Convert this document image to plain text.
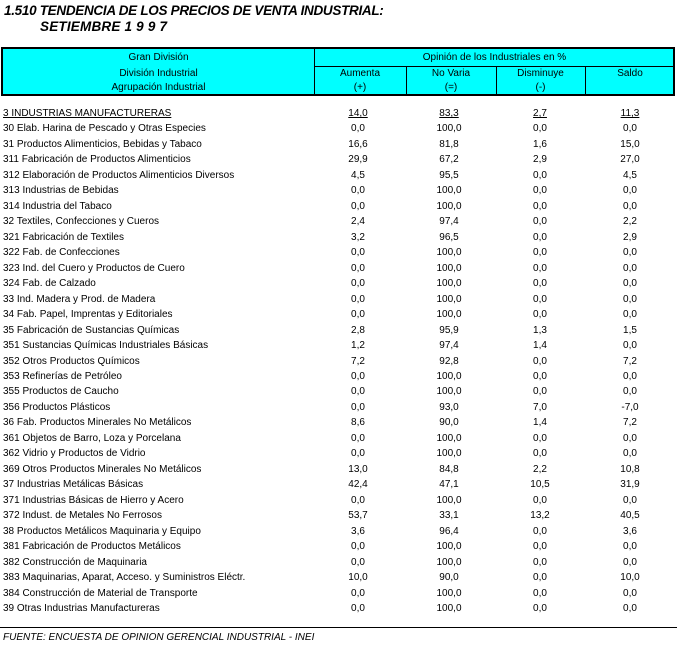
1.510 TENDENCIA DE LOS PRECIOS DE VENTA INDUSTRIAL:
SETIEMBRE 1 9 9 7
Gran División
División Industrial
Agrupación Industrial
Opinión de los Industriales en %
Aumenta
(+)
No Varia
(=)
Disminuye
(-)
Saldo
3 INDUSTRIAS MANUFACTURERAS	14,0	83,3	2,7	11,3
30 Elab. Harina de Pescado y Otras Especies	0,0	100,0	0,0	0,0
31 Productos Alimenticios, Bebidas y Tabaco	16,6	81,8	1,6	15,0
311 Fabricación de Productos Alimenticios	29,9	67,2	2,9	27,0
312 Elaboración de Productos Alimenticios Diversos	4,5	95,5	0,0	4,5
313 Industrias de Bebidas	0,0	100,0	0,0	0,0
314 Industria del Tabaco	0,0	100,0	0,0	0,0
32 Textiles, Confecciones y Cueros	2,4	97,4	0,0	2,2
321 Fabricación de Textiles	3,2	96,5	0,0	2,9
322 Fab. de Confecciones	0,0	100,0	0,0	0,0
323 Ind. del Cuero y Productos de Cuero	0,0	100,0	0,0	0,0
324 Fab. de Calzado	0,0	100,0	0,0	0,0
33 Ind. Madera y Prod. de Madera	0,0	100,0	0,0	0,0
34 Fab. Papel, Imprentas y Editoriales	0,0	100,0	0,0	0,0
35 Fabricación de Sustancias Químicas	2,8	95,9	1,3	1,5
351 Sustancias Químicas Industriales Básicas	1,2	97,4	1,4	0,0
352 Otros Productos Químicos	7,2	92,8	0,0	7,2
353 Refinerías de Petróleo	0,0	100,0	0,0	0,0
355 Productos de Caucho	0,0	100,0	0,0	0,0
356 Productos Plásticos	0,0	93,0	7,0	-7,0
36 Fab. Productos Minerales No Metálicos	8,6	90,0	1,4	7,2
361 Objetos de Barro, Loza y Porcelana	0,0	100,0	0,0	0,0
362 Vidrio y Productos de Vidrio	0,0	100,0	0,0	0,0
369 Otros Productos Minerales No Metálicos	13,0	84,8	2,2	10,8
37 Industrias Metálicas Básicas	42,4	47,1	10,5	31,9
371 Industrias Básicas de Hierro y Acero	0,0	100,0	0,0	0,0
372 Indust. de Metales No Ferrosos	53,7	33,1	13,2	40,5
38 Productos Metálicos Maquinaria y Equipo	3,6	96,4	0,0	3,6
381 Fabricación de Productos Metálicos	0,0	100,0	0,0	0,0
382 Construcción de Maquinaria	0,0	100,0	0,0	0,0
383 Maquinarias, Aparat, Acceso. y Suministros Eléctr.	10,0	90,0	0,0	10,0
384 Construcción de Material de Transporte	0,0	100,0	0,0	0,0
39 Otras Industrias Manufactureras	0,0	100,0	0,0	0,0
FUENTE: ENCUESTA DE OPINION GERENCIAL INDUSTRIAL - INEI
